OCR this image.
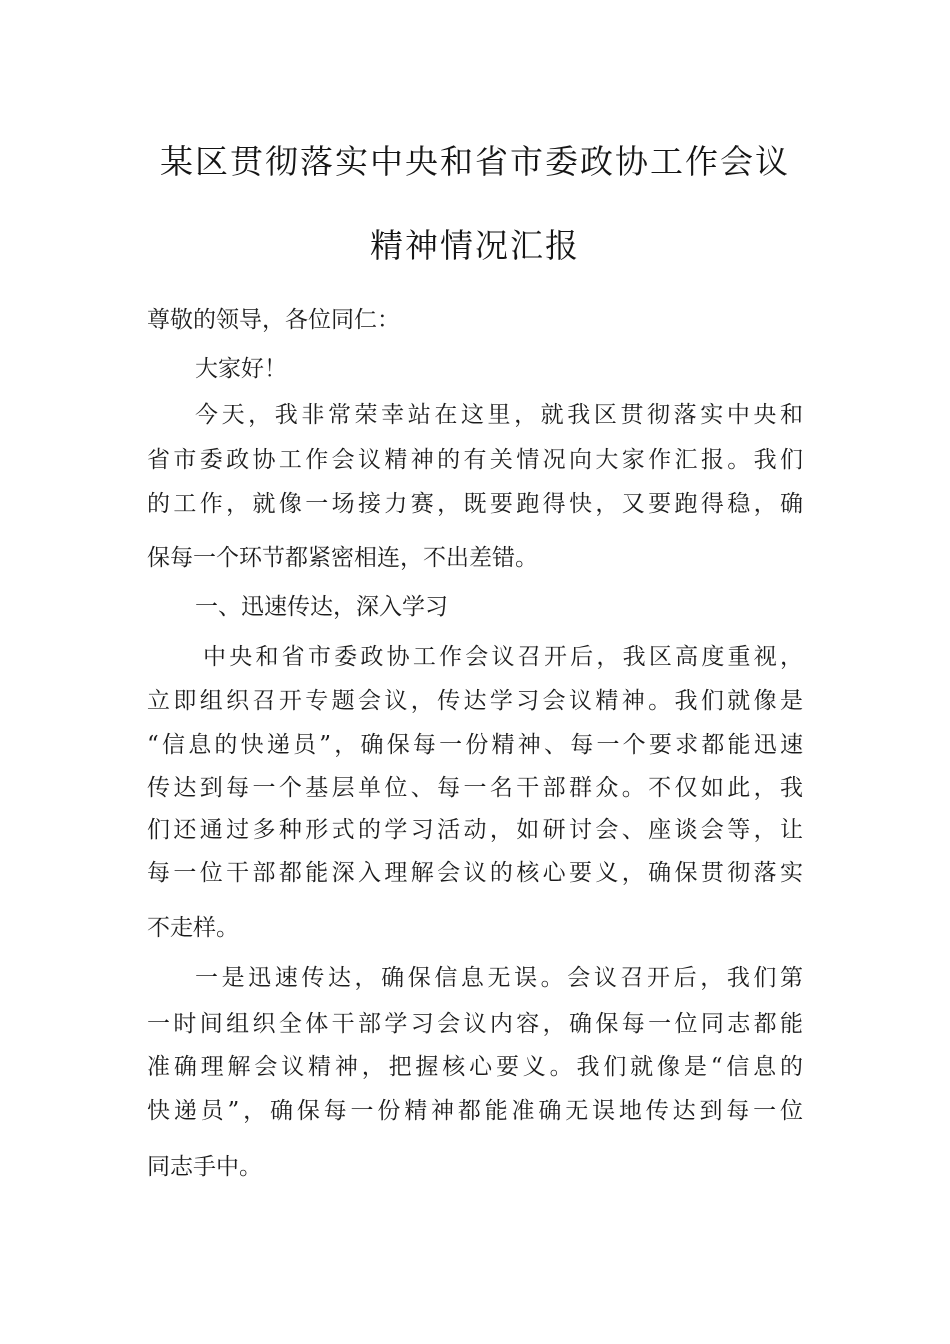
某区贯彻落实中央和省市委政协工作会议
精神情况汇报
尊敬的领导，各位同仁：
大家好！
今天，我非常荣幸站在这里，就我区贯彻落实中央和
省市委政协工作会议精神的有关情况向大家作汇报。我们
的工作，就像一场接力赛，既要跑得快，又要跑得稳，确
保每一个环节都紧密相连，不出差错。
一、迅速传达，深入学习
中央和省市委政协工作会议召开后，我区高度重视，
立即组织召开专题会议，传达学习会议精神。我们就像是
“信息的快递员”，确保每一份精神、每一个要求都能迅速
传达到每一个基层单位、每一名干部群众。不仅如此，我
们还通过多种形式的学习活动，如研讨会、座谈会等，让
每一位干部都能深入理解会议的核心要义，确保贯彻落实
不走样。
一是迅速传达，确保信息无误。会议召开后，我们第
一时间组织全体干部学习会议内容，确保每一位同志都能
准确理解会议精神，把握核心要义。我们就像是“信息的
快递员”，确保每一份精神都能准确无误地传达到每一位
同志手中。
